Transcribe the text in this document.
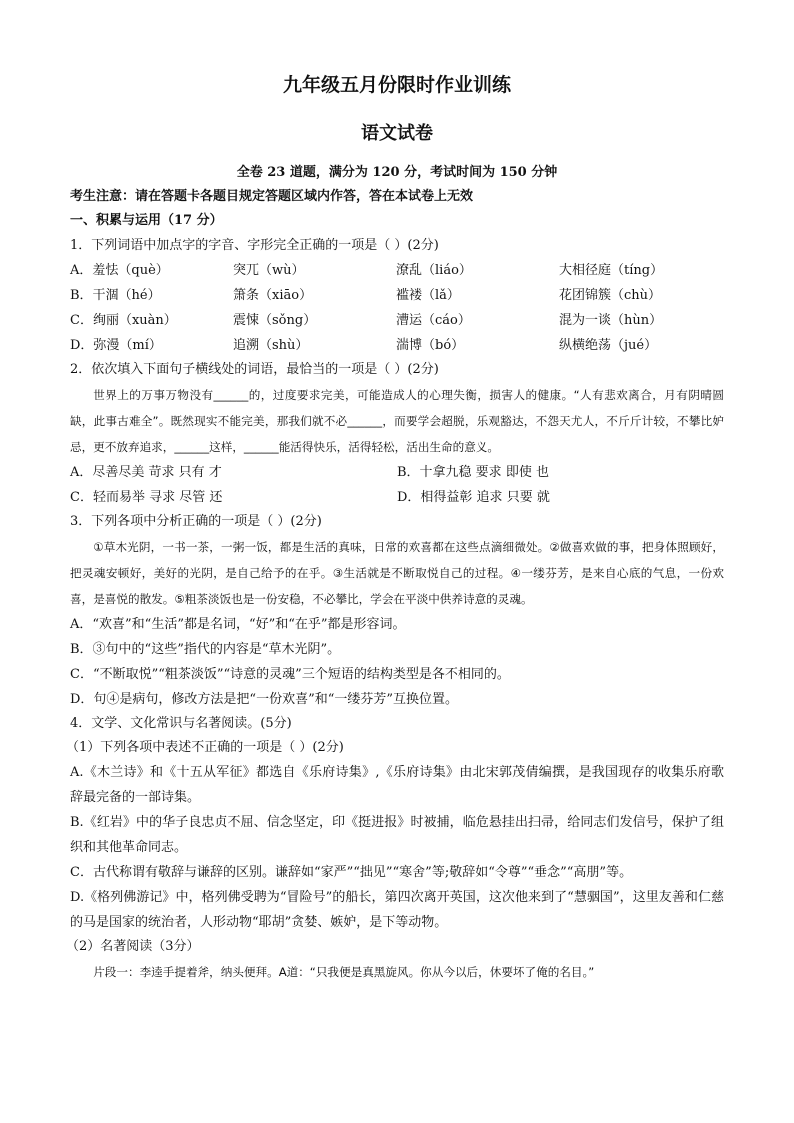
九年级五月份限时作业训练
语文试卷
全卷 23 道题，满分为 120 分，考试时间为 150 分钟
考生注意：请在答题卡各题目规定答题区域内作答，答在本试卷上无效
一、积累与运用（17 分）

1．下列词语中加点字的字音、字形完全正确的一项是（ ）(2分)

A．羞怯（què）	突兀（wù）	潦乱（liáo）	大相径庭（tíng）
B．干涸（hé）	箫条（xiāo）	褴褛（lǎ）	花团锦簇（chù）
C．绚丽（xuàn）	震悚（sǒng）	漕运（cáo）	混为一谈（hùn）
D．弥漫（mí）	追溯（shù）	湍博（bó）	纵横绝荡（jué）

2．依次填入下面句子横线处的词语，最恰当的一项是（ ）(2分)

世界上的万事万物没有______的，过度要求完美，可能造成人的心理失衡，损害人的健康。“人有悲欢离合，月有阴晴圆缺，此事古难全”。既然现实不能完美，那我们就不必______，而要学会超脱，乐观豁达，不怨天尤人，不斤斤计较，不攀比妒忌，更不放弃追求，______这样，______能活得快乐，活得轻松，活出生命的意义。

A．尽善尽美 苛求 只有 才	B．十拿九稳 要求 即使 也
C．轻而易举 寻求 尽管 还	D．相得益彰 追求 只要 就

3．下列各项中分析正确的一项是（ ）(2分)

①草木光阴，一书一茶，一粥一饭，都是生活的真味，日常的欢喜都在这些点滴细微处。②做喜欢做的事，把身体照顾好，把灵魂安顿好，美好的光阴，是自己给予的在乎。③生活就是不断取悦自己的过程。④一缕芬芳，是来自心底的气息，一份欢喜，是喜悦的散发。⑤粗茶淡饭也是一份安稳，不必攀比，学会在平淡中供养诗意的灵魂。

A．“欢喜”和“生活”都是名词，“好”和“在乎”都是形容词。

B．③句中的“这些”指代的内容是“草木光阴”。

C．“不断取悦”“粗茶淡饭”“诗意的灵魂”三个短语的结构类型是各不相同的。

D．句④是病句，修改方法是把“一份欢喜”和“一缕芬芳”互换位置。

4．文学、文化常识与名著阅读。(5分)

（1）下列各项中表述不正确的一项是（ ）(2分)

A.《木兰诗》和《十五从军征》都选自《乐府诗集》,《乐府诗集》由北宋郭茂倩编撰，是我国现存的收集乐府歌辞最完备的一部诗集。

B.《红岩》中的华子良忠贞不屈、信念坚定，印《挺进报》时被捕，临危悬挂出扫帚，给同志们发信号，保护了组织和其他革命同志。

C．古代称谓有敬辞与谦辞的区别。谦辞如“家严”“拙见”“寒舍”等;敬辞如“令尊”“垂念”“高朋”等。

D.《格列佛游记》中，格列佛受聘为“冒险号”的船长，第四次离开英国，这次他来到了“慧骃国”，这里友善和仁慈的马是国家的统治者，人形动物“耶胡”贪婪、嫉妒，是下等动物。

（2）名著阅读（3分）

片段一：李逵手提着斧，纳头便拜。A道：“只我便是真黑旋风。你从今以后，休要坏了俺的名目。”
